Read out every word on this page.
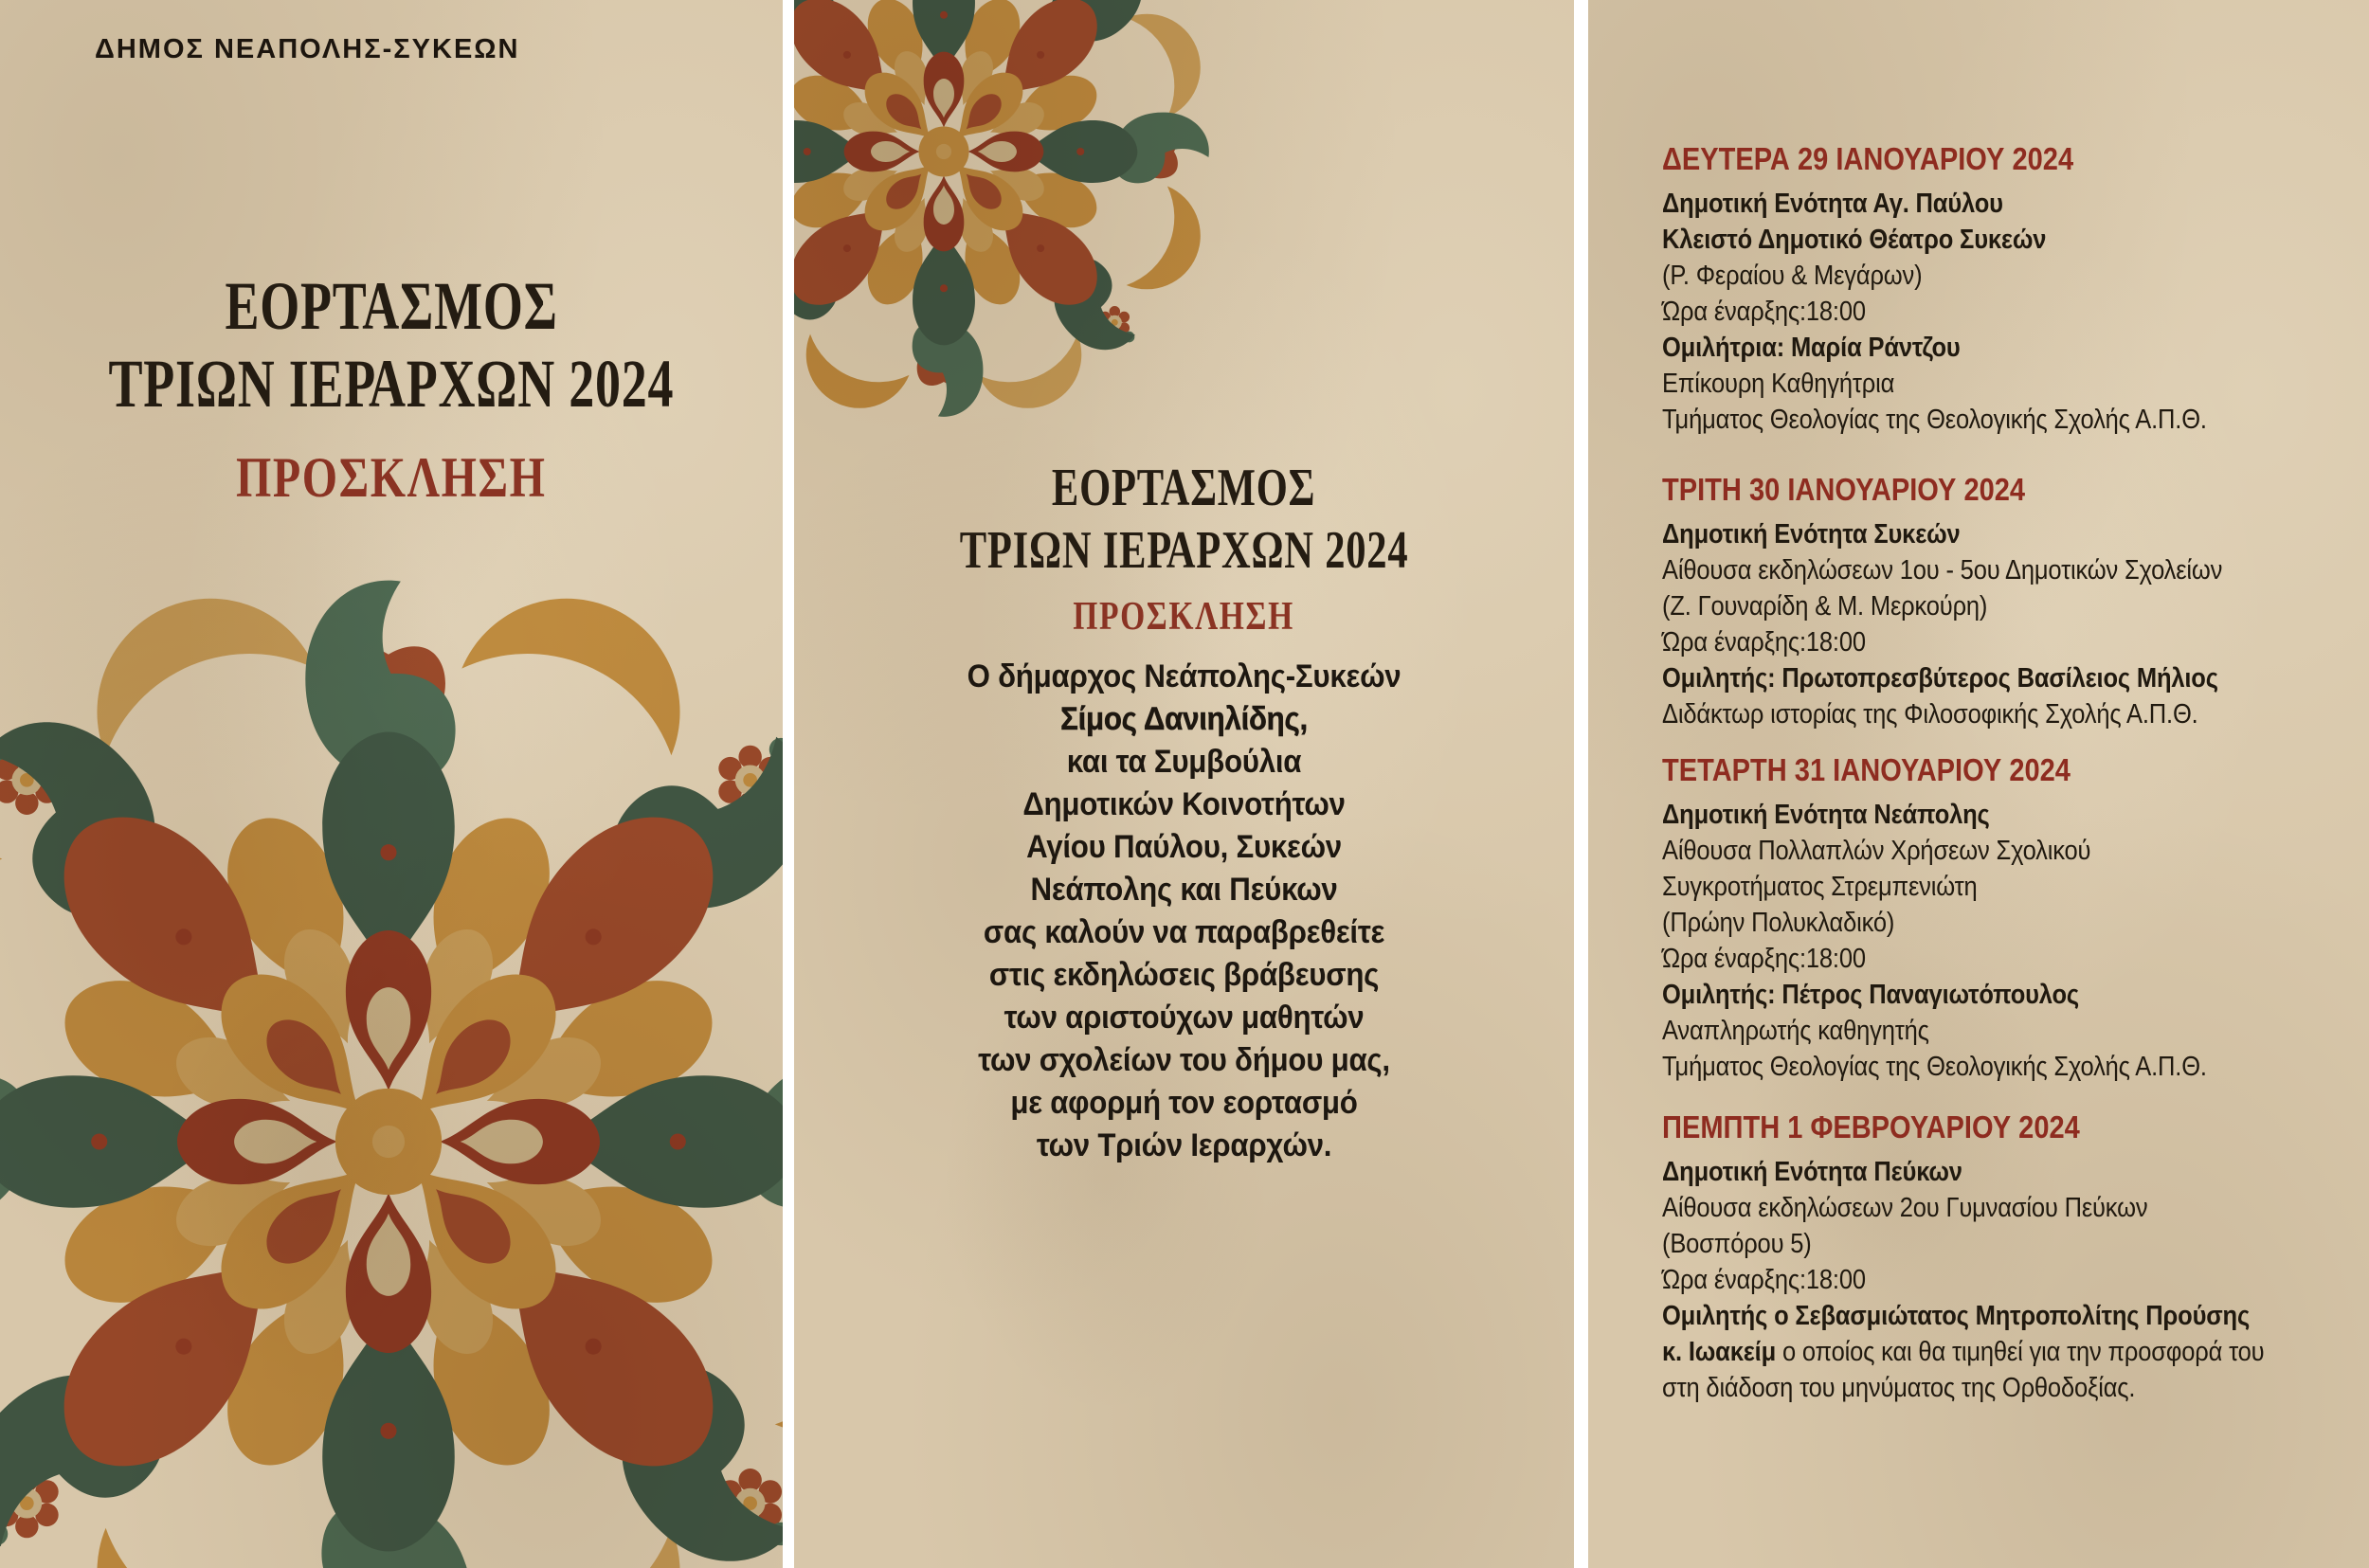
ΔΗΜΟΣ ΝΕΑΠΟΛΗΣ-ΣΥΚΕΩΝ
ΕΟΡΤΑΣΜΟΣ
ΤΡΙΩΝ ΙΕΡΑΡΧΩΝ 2024
ΠΡΟΣΚΛΗΣΗ	ΕΟΡΤΑΣΜΟΣ
ΤΡΙΩΝ ΙΕΡΑΡΧΩΝ 2024
ΠΡΟΣΚΛΗΣΗ
Ο δήμαρχος Νεάπολης-Συκεών
Σίμος Δανιηλίδης,
και τα Συμβούλια
Δημοτικών Κοινοτήτων
Αγίου Παύλου, Συκεών
Νεάπολης και Πεύκων
σας καλούν να παραβρεθείτε
στις εκδηλώσεις βράβευσης
των αριστούχων μαθητών
των σχολείων του δήμου μας,
με αφορμή τον εορτασμό
των Τριών Ιεραρχών.
ΔΕΥΤΕΡΑ 29 ΙΑΝΟΥΑΡΙΟΥ 2024
Δημοτική Ενότητα Αγ. Παύλου
Κλειστό Δημοτικό Θέατρο Συκεών
(Ρ. Φεραίου & Μεγάρων)
Ώρα έναρξης:18:00
Ομιλήτρια: Μαρία Ράντζου
Επίκουρη Καθηγήτρια
Τμήματος Θεολογίας της Θεολογικής Σχολής Α.Π.Θ.
ΤΡΙΤΗ 30 ΙΑΝΟΥΑΡΙΟΥ 2024
Δημοτική Ενότητα Συκεών
Αίθουσα εκδηλώσεων 1ου - 5ου Δημοτικών Σχολείων
(Ζ. Γουναρίδη & Μ. Μερκούρη)
Ώρα έναρξης:18:00
Ομιλητής: Πρωτοπρεσβύτερος Βασίλειος Μήλιος
Διδάκτωρ ιστορίας της Φιλοσοφικής Σχολής Α.Π.Θ.
ΤΕΤΑΡΤΗ 31 ΙΑΝΟΥΑΡΙΟΥ 2024
Δημοτική Ενότητα Νεάπολης
Αίθουσα Πολλαπλών Χρήσεων Σχολικού
Συγκροτήματος Στρεμπενιώτη
(Πρώην Πολυκλαδικό)
Ώρα έναρξης:18:00
Ομιλητής: Πέτρος Παναγιωτόπουλος
Αναπληρωτής καθηγητής
Τμήματος Θεολογίας της Θεολογικής Σχολής Α.Π.Θ.
ΠΕΜΠΤΗ 1 ΦΕΒΡΟΥΑΡΙΟΥ 2024
Δημοτική Ενότητα Πεύκων
Αίθουσα εκδηλώσεων 2ου Γυμνασίου Πεύκων
(Βοσπόρου 5)
Ώρα έναρξης:18:00
Ομιλητής ο Σεβασμιώτατος Μητροπολίτης Προύσης
κ. Ιωακείμ ο οποίος και θα τιμηθεί για την προσφορά του
στη διάδοση του μηνύματος της Ορθοδοξίας.
